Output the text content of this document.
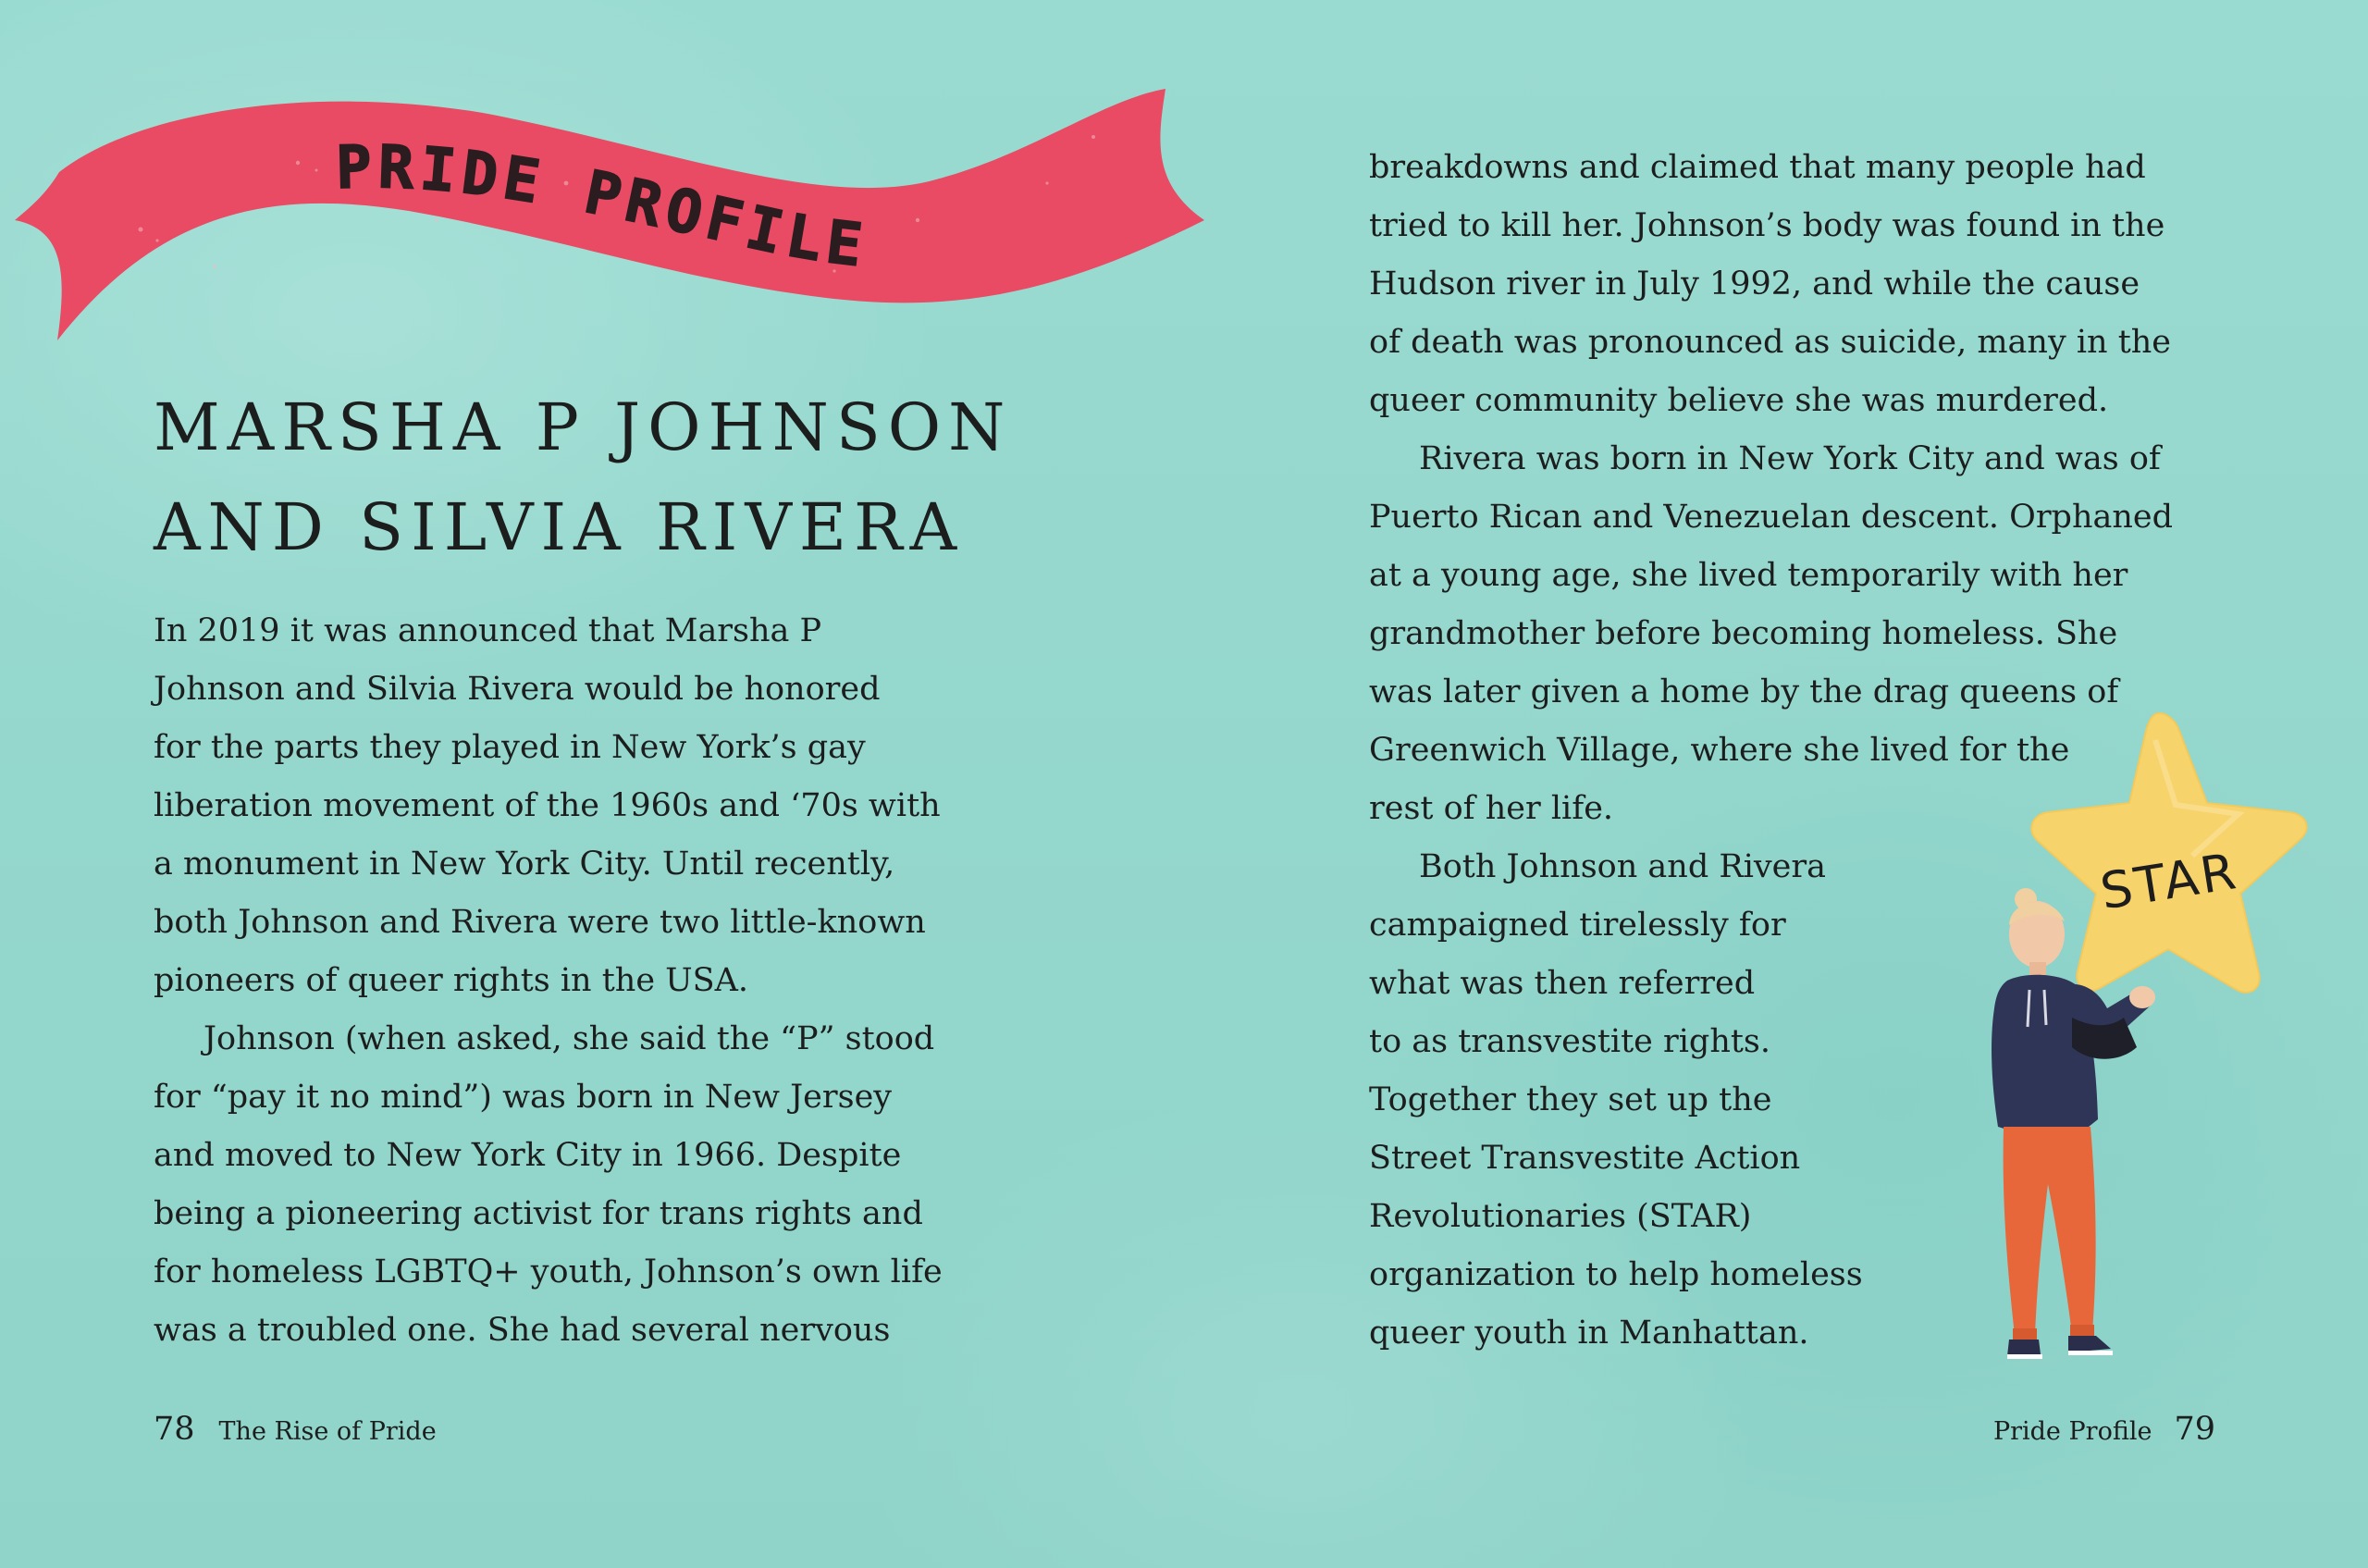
PRIDE PROFILE
MARSHA P JOHNSON
AND SILVIA RIVERA
In 2019 it was announced that Marsha P
Johnson and Silvia Rivera would be honored
for the parts they played in New York’s gay
liberation movement of the 1960s and ‘70s with
a monument in New York City. Until recently,
both Johnson and Rivera were two little-known
pioneers of queer rights in the USA.
Johnson (when asked, she said the “P” stood
for “pay it no mind”) was born in New Jersey
and moved to New York City in 1966. Despite
being a pioneering activist for trans rights and
for homeless LGBTQ+ youth, Johnson’s own life
was a troubled one. She had several nervous
breakdowns and claimed that many people had
tried to kill her. Johnson’s body was found in the
Hudson river in July 1992, and while the cause
of death was pronounced as suicide, many in the
queer community believe she was murdered.
Rivera was born in New York City and was of
Puerto Rican and Venezuelan descent. Orphaned
at a young age, she lived temporarily with her
grandmother before becoming homeless. She
was later given a home by the drag queens of
Greenwich Village, where she lived for the
rest of her life.
Both Johnson and Rivera
campaigned tirelessly for
what was then referred
to as transvestite rights.
Together they set up the
Street Transvestite Action
Revolutionaries (STAR)
organization to help homeless
queer youth in Manhattan.
STAR
78 The Rise of Pride	Pride Profile 79
